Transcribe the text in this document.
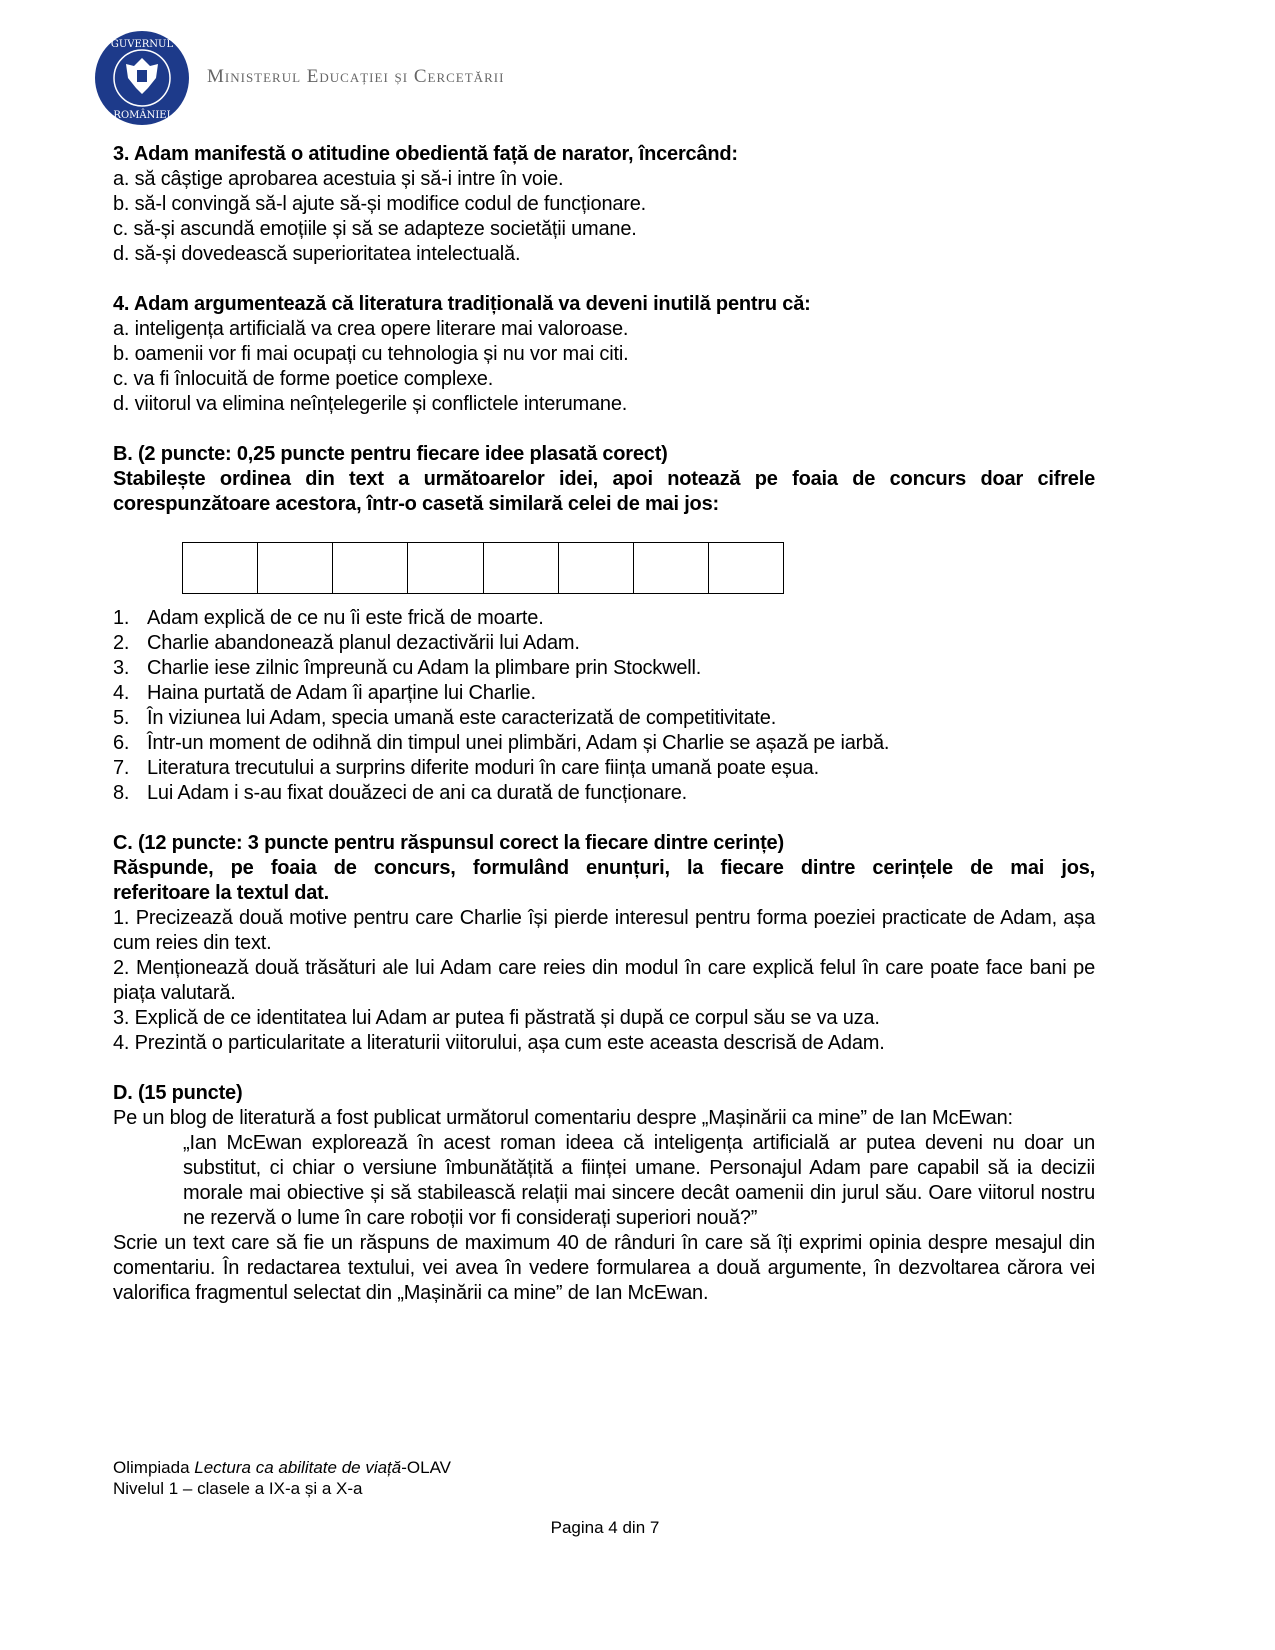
GUVERNUL
ROMÂNIEI
Ministerul Educației și Cercetării

3. Adam manifestă o atitudine obedientă față de narator, încercând:

a. să câștige aprobarea acestuia și să-i intre în voie.

b. să-l convingă să-l ajute să-și modifice codul de funcționare.

c. să-și ascundă emoțiile și să se adapteze societății umane.

d. să-și dovedească superioritatea intelectuală.

4. Adam argumentează că literatura tradițională va deveni inutilă pentru că:

a. inteligența artificială va crea opere literare mai valoroase.

b. oamenii vor fi mai ocupați cu tehnologia și nu vor mai citi.

c. va fi înlocuită de forme poetice complexe.

d. viitorul va elimina neînțelegerile și conflictele interumane.

B. (2 puncte: 0,25 puncte pentru fiecare idee plasată corect)

Stabilește ordinea din text a următoarelor idei, apoi notează pe foaia de concurs doar cifrele

corespunzătoare acestora, într-o casetă similară celei de mai jos:

1. Adam explică de ce nu îi este frică de moarte.
2. Charlie abandonează planul dezactivării lui Adam.
3. Charlie iese zilnic împreună cu Adam la plimbare prin Stockwell.
4. Haina purtată de Adam îi aparține lui Charlie.
5. În viziunea lui Adam, specia umană este caracterizată de competitivitate.
6. Într-un moment de odihnă din timpul unei plimbări, Adam și Charlie se așază pe iarbă.
7. Literatura trecutului a surprins diferite moduri în care ființa umană poate eșua.
8. Lui Adam i s-au fixat douăzeci de ani ca durată de funcționare.

C. (12 puncte: 3 puncte pentru răspunsul corect la fiecare dintre cerințe)

Răspunde, pe foaia de concurs, formulând enunțuri, la fiecare dintre cerințele de mai jos,

referitoare la textul dat.

1. Precizează două motive pentru care Charlie își pierde interesul pentru forma poeziei practicate de Adam, așa cum reies din text.

2. Menționează două trăsături ale lui Adam care reies din modul în care explică felul în care poate face bani pe piața valutară.

3. Explică de ce identitatea lui Adam ar putea fi păstrată și după ce corpul său se va uza.

4. Prezintă o particularitate a literaturii viitorului, așa cum este aceasta descrisă de Adam.

D. (15 puncte)

Pe un blog de literatură a fost publicat următorul comentariu despre „Mașinării ca mine” de Ian McEwan:

„Ian McEwan explorează în acest roman ideea că inteligența artificială ar putea deveni nu doar un substitut, ci chiar o versiune îmbunătățită a ființei umane. Personajul Adam pare capabil să ia decizii morale mai obiective și să stabilească relații mai sincere decât oamenii din jurul său. Oare viitorul nostru ne rezervă o lume în care roboții vor fi considerați superiori nouă?”

Scrie un text care să fie un răspuns de maximum 40 de rânduri în care să îți exprimi opinia despre mesajul din comentariu. În redactarea textului, vei avea în vedere formularea a două argumente, în dezvoltarea cărora vei valorifica fragmentul selectat din „Mașinării ca mine” de Ian McEwan.

Olimpiada Lectura ca abilitate de viață-OLAV
Nivelul 1 – clasele a IX-a și a X-a
Pagina 4 din 7
